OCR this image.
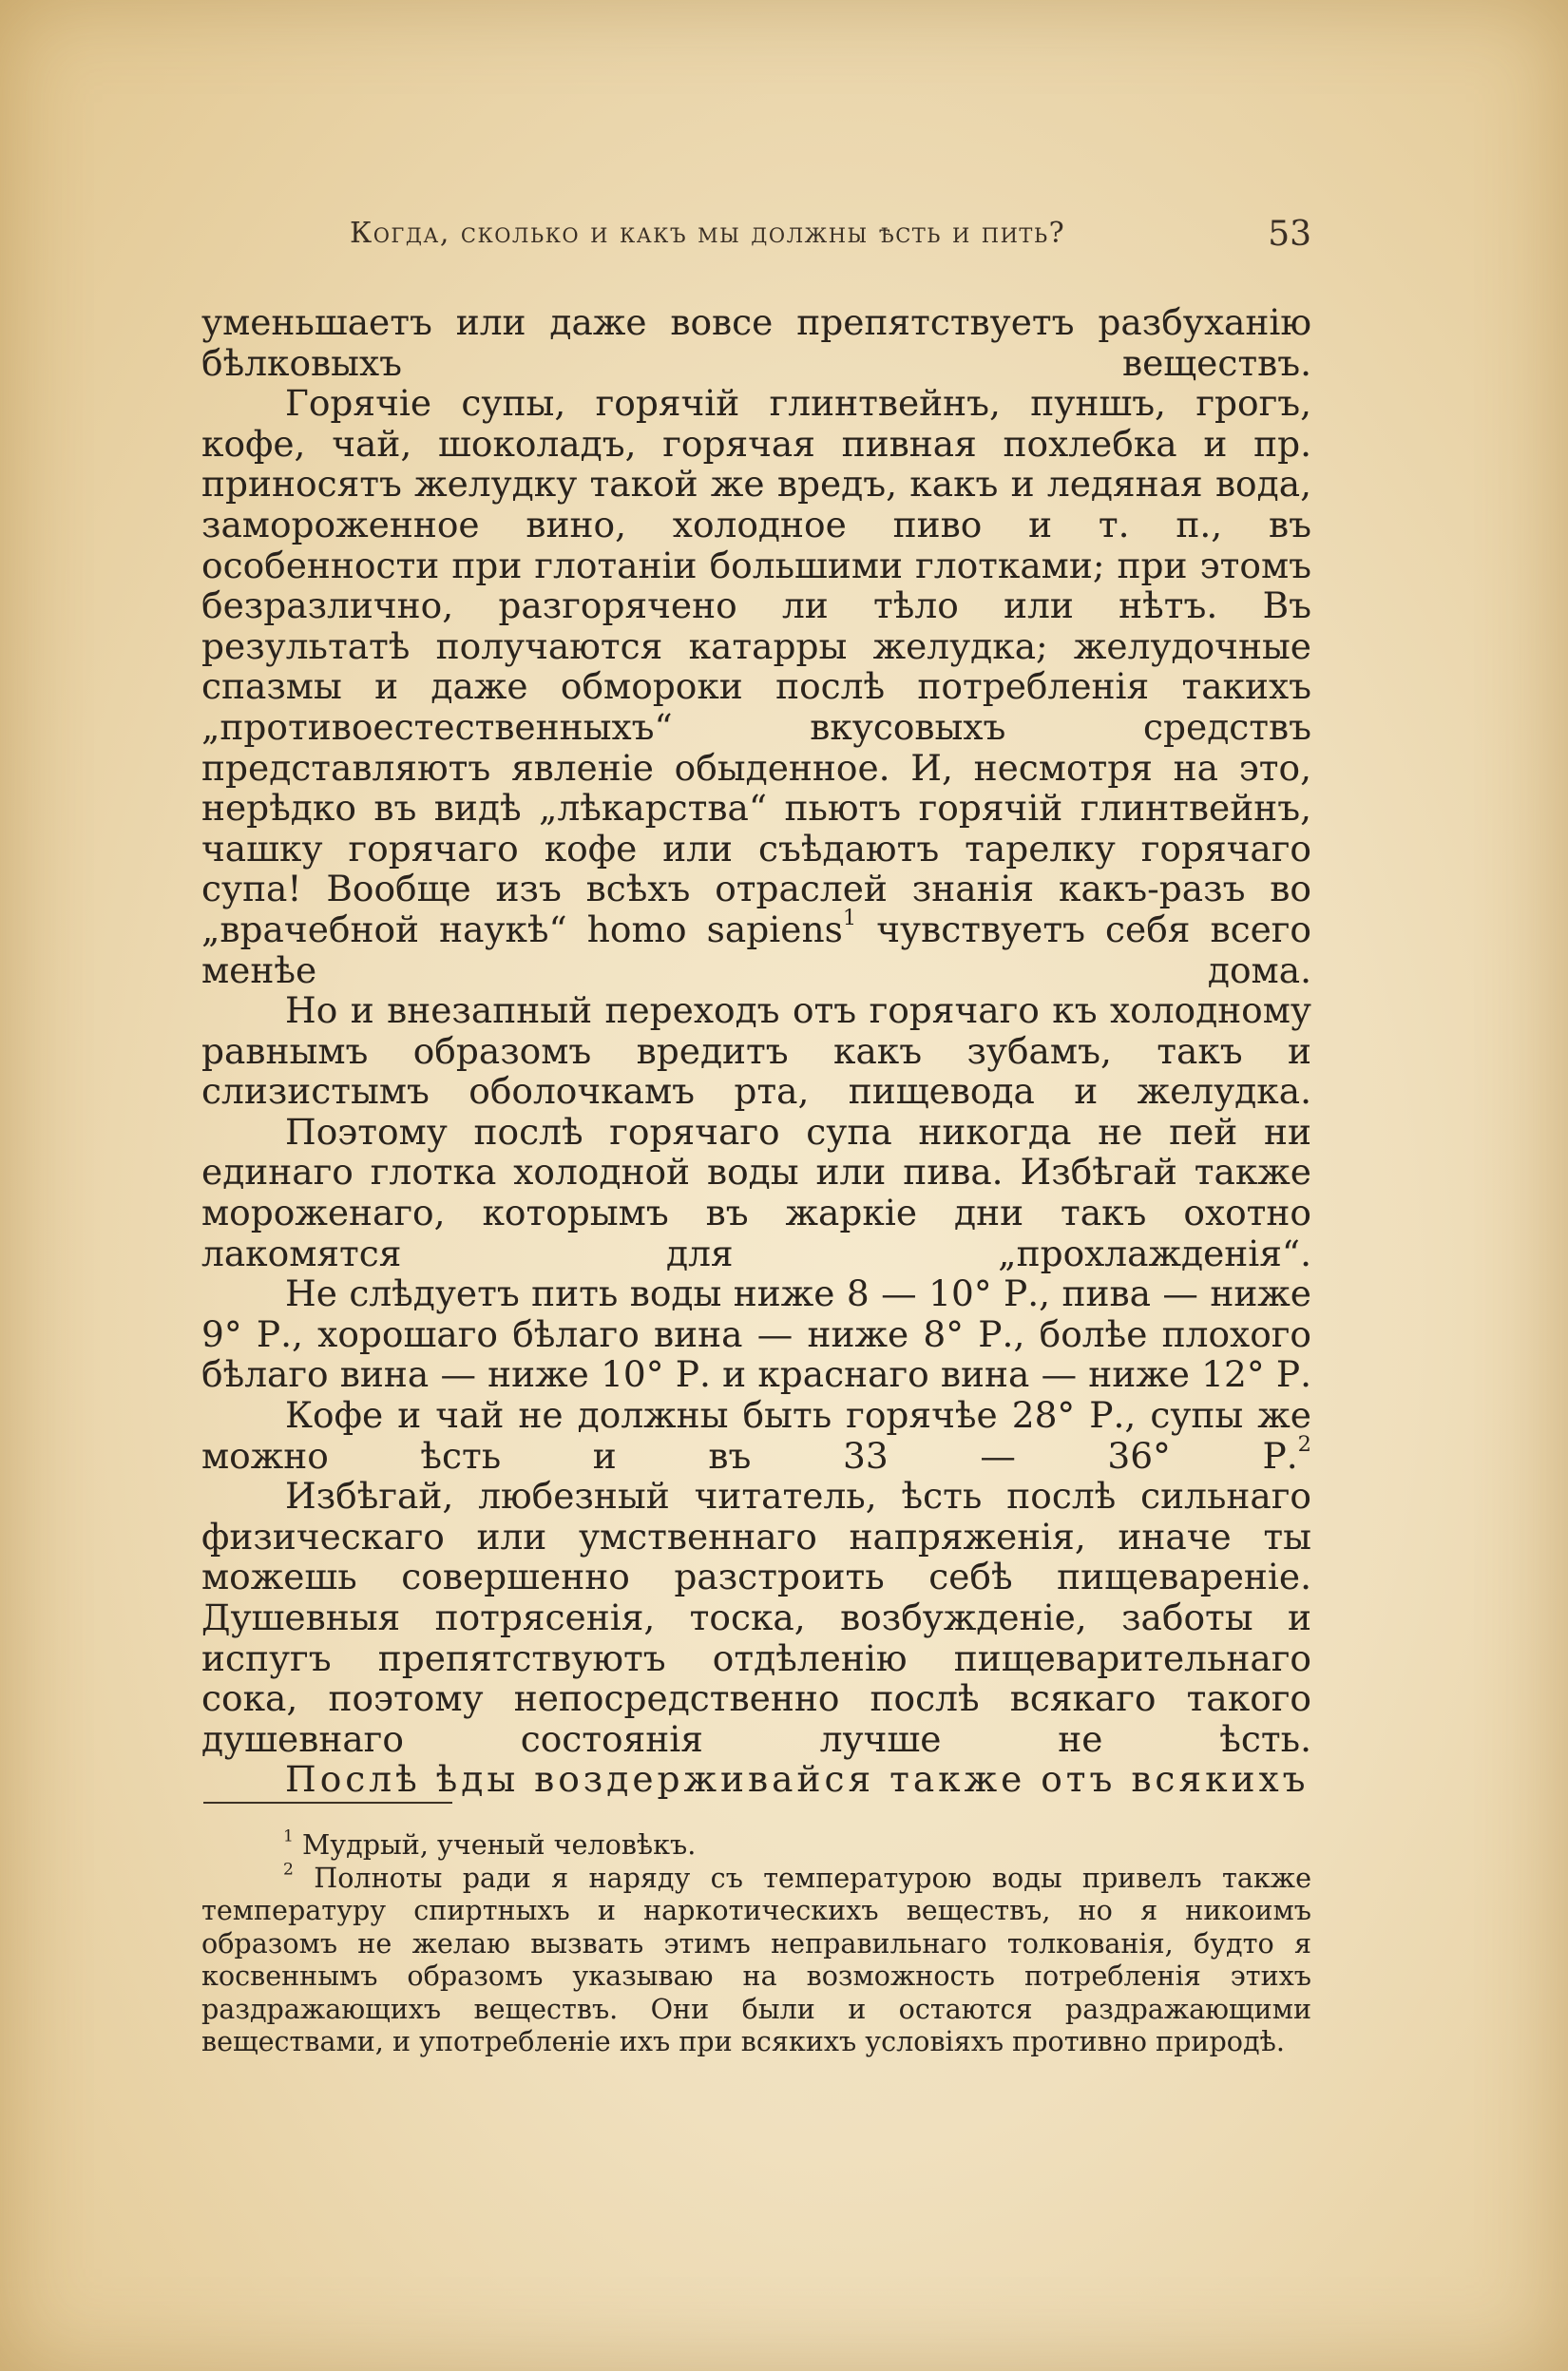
Когда, сколько и какъ мы должны ѣсть и пить?	53

уменьшаетъ или даже вовсе препятствуетъ разбуханію бѣлковыхъ веществъ.

Горячіе супы, горячій глинтвейнъ, пуншъ, грогъ, кофе, чай, шоколадъ, горячая пивная похлебка и пр. приносятъ желудку такой же вредъ, какъ и ледяная вода, замороженное вино, холодное пиво и т. п., въ особенности при глотаніи большими глотками; при этомъ безразлично, разгорячено ли тѣло или нѣтъ. Въ результатѣ получаются катарры желудка; желудочные спазмы и даже обмороки послѣ потребленія такихъ „противоестественныхъ“ вкусовыхъ средствъ представляютъ явленіе обыденное. И, несмотря на это, нерѣдко въ видѣ „лѣкарства“ пьютъ горячій глинтвейнъ, чашку горячаго кофе или съѣдаютъ тарелку горячаго супа! Вообще изъ всѣхъ отраслей знанія какъ-разъ во „врачебной наукѣ“ homo sapiens$^1$ чувствуетъ себя всего менѣе дома.

Но и внезапный переходъ отъ горячаго къ холодному равнымъ образомъ вредитъ какъ зубамъ, такъ и слизистымъ оболочкамъ рта, пищевода и желудка.

Поэтому послѣ горячаго супа никогда не пей ни единаго глотка холодной воды или пива. Избѣгай также мороженаго, которымъ въ жаркіе дни такъ охотно лакомятся для „прохлажденія“.

Не слѣдуетъ пить воды ниже 8 — 10° Р., пива — ниже 9° Р., хорошаго бѣлаго вина — ниже 8° Р., болѣе плохого бѣлаго вина — ниже 10° Р. и краснаго вина — ниже 12° Р.

Кофе и чай не должны быть горячѣе 28° Р., супы же можно ѣсть и въ 33 — 36° Р.$^2$

Избѣгай, любезный читатель, ѣсть послѣ сильнаго физическаго или умственнаго напряженія, иначе ты можешь совершенно разстроить себѣ пищевареніе. Душевныя потрясенія, тоска, возбужденіе, заботы и испугъ препятствуютъ отдѣленію пищеварительнаго сока, поэтому непосредственно послѣ всякаго такого душевнаго состоянія лучше не ѣсть.

Послѣ ѣды воздерживайся также отъ всякихъ

$^1$ Мудрый, ученый человѣкъ.

$^2$ Полноты ради я наряду съ температурою воды привелъ также температуру спиртныхъ и наркотическихъ веществъ, но я никоимъ образомъ не желаю вызвать этимъ неправильнаго толкованія, будто я косвеннымъ образомъ указываю на возможность потребленія этихъ раздражающихъ веществъ. Они были и остаются раздражающими веществами, и употребленіе ихъ при всякихъ условіяхъ противно природѣ.
